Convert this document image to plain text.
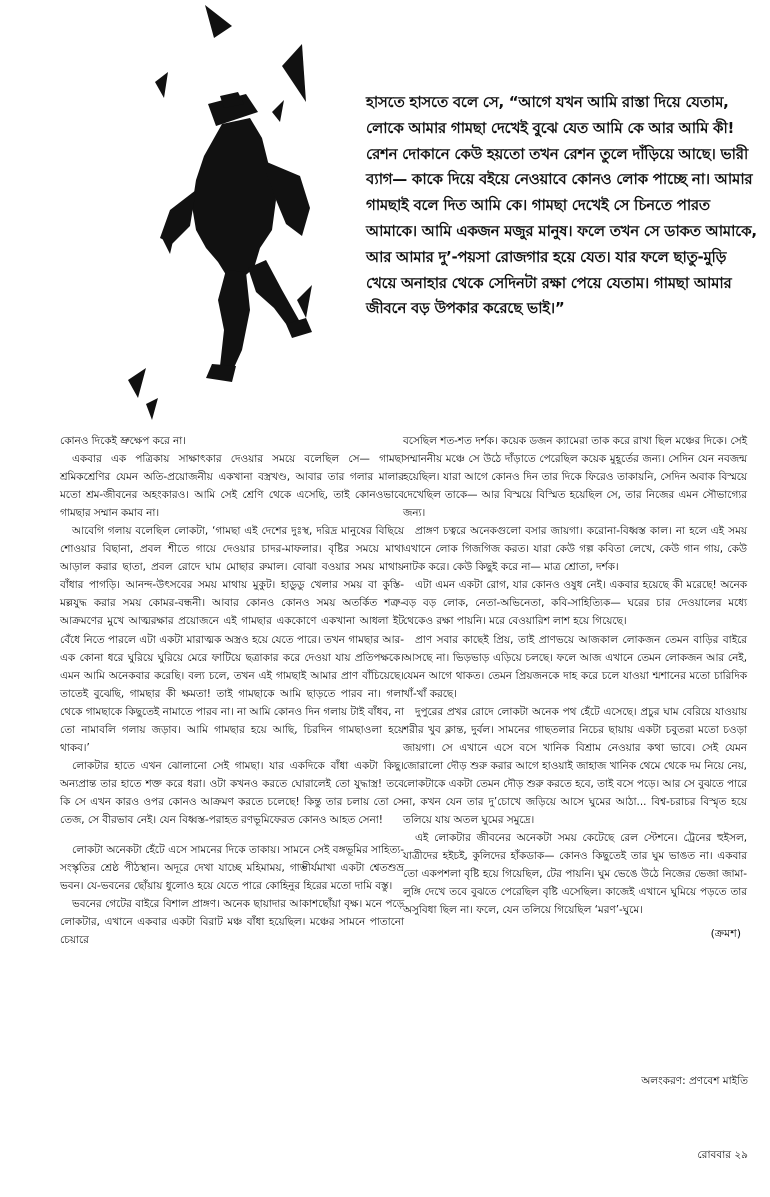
হাসতে হাসতে বলে সে, “আগে যখন আমি রাস্তা দিয়ে যেতাম, লোকে আমার গামছা দেখেই বুঝে যেত আমি কে আর আমি কী! রেশন দোকানে কেউ হয়তো তখন রেশন তুলে দাঁড়িয়ে আছে। ভারী ব্যাগ— কাকে দিয়ে বইয়ে নেওয়াবে কোনও লোক পাচ্ছে না। আমার গামছাই বলে দিত আমি কে। গামছা দেখেই সে চিনতে পারত আমাকে। আমি একজন মজুর মানুষ। ফলে তখন সে ডাকত আমাকে, আর আমার দু’-পয়সা রোজগার হয়ে যেত। যার ফলে ছাতু-মুড়ি খেয়ে অনাহার থেকে সেদিনটা রক্ষা পেয়ে যেতাম। গামছা আমার জীবনে বড় উপকার করেছে ভাই।”

কোনও দিকেই ভ্রুক্ষেপ করে না।

একবার এক পত্রিকায় সাক্ষাৎকার দেওয়ার সময়ে বলেছিল সে— গামছা শ্রমিকশ্রেণির যেমন অতি-প্রয়োজনীয় একখানা বস্ত্রখণ্ড, আবার তার গলার মালার মতো শ্রম-জীবনের অহংকারও। আমি সেই শ্রেণি থেকে এসেছি, তাই কোনওভাবে গামছার সম্মান কমাব না।

আবেগি গলায় বলেছিল লোকটা, ‘গামছা এই দেশের দুঃস্থ, দরিদ্র মানুষের বিছিয়ে শোওয়ার বিছানা, প্রবল শীতে গায়ে দেওয়ার চাদর-মাফলার। বৃষ্টির সময়ে মাথা আড়াল করার ছাতা, প্রবল রোদে ঘাম মোছার রুমাল। বোঝা বওয়ার সময় মাথায় বাঁধার পাগড়ি। আনন্দ-উৎসবের সময় মাথায় মুকুট। হাডুডু খেলার সময় বা কুস্তি-মল্লযুদ্ধ করার সময় কোমর-বন্ধনী। আবার কোনও কোনও সময় অতর্কিত শত্রু-আক্রমণের মুখে আত্মরক্ষার প্রয়োজনে এই গামছার এককোণে একখানা আধলা ইট বেঁধে নিতে পারলে এটা একটা মারাত্মক অস্ত্রও হয়ে যেতে পারে। তখন গামছার আর-এক কোনা ধরে ঘুরিয়ে ঘুরিয়ে মেরে ফাটিয়ে ছত্রাকার করে দেওয়া যায় প্রতিপক্ষকে। এমন আমি অনেকবার করেছি। বল্য চলে, তখন এই গামছাই আমার প্রাণ বাঁচিয়েছে। তাতেই বুঝেছি, গামছার কী ক্ষমতা! তাই গামছাকে আমি ছাড়তে পারব না। গলা থেকে গামছাকে কিছুতেই নামাতে পারব না। না আমি কোনও দিন গলায় টাই বাঁধব, না তো নামাবলি গলায় জড়াব। আমি গামছার হয়ে আছি, চিরদিন গামছাওলা হয়ে থাকব।’

লোকটার হাতে এখন ঝোলানো সেই গামছা। যার একদিকে বাঁধা একটা কিছু। অন্যপ্রান্ত তার হাতে শক্ত করে ধরা। ওটা কখনও করতে ঘোরালেই তো যুদ্ধাস্ত্র! তবে কি সে এখন কারও ওপর কোনও আক্রমণ করতে চলেছে! কিন্তু তার চলায় তো সে তেজ, সে বীরভাব নেই। যেন বিধ্বস্ত-পরাহত রণভূমিফেরত কোনও আহত সেনা!

লোকটা অনেকটা হেঁটে এসে সামনের দিকে তাকায়। সামনে সেই বঙ্গভূমির সাহিত্য-সংস্কৃতির শ্রেষ্ঠ পীঠস্থান। অদূরে দেখা যাচ্ছে মহিমাময়, গাম্ভীর্যমাখা একটা শ্বেতশুভ্র ভবন। যে-ভবনের ছোঁয়ায় ধুলোও হয়ে যেতে পারে কোহিনুর হিরের মতো দামি বস্তু।

ভবনের গেটের বাইরে বিশাল প্রাঙ্গণ। অনেক ছায়াদার আকাশছোঁয়া বৃক্ষ। মনে পড়ে লোকটার, এখানে একবার একটা বিরাট মঞ্চ বাঁধা হয়েছিল। মঞ্চের সামনে পাতানো চেয়ারে

বসেছিল শত-শত দর্শক। কয়েক ডজন ক্যামেরা তাক করে রাখা ছিল মঞ্চের দিকে। সেই সম্মাননীয় মঞ্চে সে উঠে দাঁড়াতে পেরেছিল কয়েক মুহূর্তের জন্য। সেদিন যেন নবজন্ম হয়েছিল। যারা আগে কোনও দিন তার দিকে ফিরেও তাকায়নি, সেদিন অবাক বিস্ময়ে দেখেছিল তাকে— আর বিস্ময়ে বিস্মিত হয়েছিল সে, তার নিজের এমন সৌভাগ্যের জন্য।

প্রাঙ্গণ চত্বরে অনেকগুলো বসার জায়গা। করোনা-বিধ্বস্ত কাল। না হলে এই সময় এখানে লোক গিজগিজ করত। যারা কেউ গল্প কবিতা লেখে, কেউ গান গায়, কেউ নাটক করে। কেউ কিছুই করে না— মাত্র শ্রোতা, দর্শক।

এটা এমন একটা রোগ, যার কোনও ওষুধ নেই। একবার হয়েছে কী মরেছে! অনেক বড় বড় লোক, নেতা-অভিনেতা, কবি-সাহিত্যিক— ঘরের চার দেওয়ালের মধ্যে থেকেও রক্ষা পায়নি। মরে বেওয়ারিশ লাশ হয়ে গিয়েছে।

প্রাণ সবার কাছেই প্রিয়, তাই প্রাণভয়ে আজকাল লোকজন তেমন বাড়ির বাইরে আসছে না। ভিড়ভাড় এড়িয়ে চলছে। ফলে আজ এখানে তেমন লোকজন আর নেই, যেমন আগে থাকত। তেমন প্রিয়জনকে দাহ করে চলে যাওয়া শ্মশানের মতো চারিদিক খাঁ-খাঁ করছে।

দুপুরের প্রখর রোদে লোকটা অনেক পথ হেঁটে এসেছে। প্রচুর ঘাম বেরিয়ে যাওয়ায় শরীর খুব ক্লান্ত, দুর্বল। সামনের গাছতলার নিচের ছায়ায় একটা চবুতরা মতো চওড়া জায়গা। সে এখানে এসে বসে খানিক বিশ্রাম নেওয়ার কথা ভাবে। সেই যেমন জোরালো দৌড় শুরু করার আগে হাওয়াই জাহাজ খানিক থেমে থেকে দম নিয়ে নেয়, লোকটাকে একটা তেমন দৌড় শুরু করতে হবে, তাই বসে পড়ে। আর সে বুঝতে পারে না, কখন যেন তার দু’চোখে জড়িয়ে আসে ঘুমের আঠা... বিশ্ব-চরাচর বিস্মৃত হয়ে তলিয়ে যায় অতল ঘুমের সমুদ্রে।

এই লোকটার জীবনের অনেকটা সময় কেটেছে রেল স্টেশনে। ট্রেনের হুইসল, যাত্রীদের হইচই, কুলিদের হাঁকডাক— কোনও কিছুতেই তার ঘুম ভাঙত না। একবার তো একপশলা বৃষ্টি হয়ে গিয়েছিল, টের পায়নি। ঘুম ভেঙে উঠে নিজের ভেজা জামা-লুঙ্গি দেখে তবে বুঝতে পেরেছিল বৃষ্টি এসেছিল। কাজেই এখানে ঘুমিয়ে পড়তে তার অসুবিধা ছিল না। ফলে, যেন তলিয়ে গিয়েছিল ‘মরণ’-ঘুমে।

(ক্রমশ)
অলংকরণ: প্রণবেশ মাইতি
রোববার ২৯
